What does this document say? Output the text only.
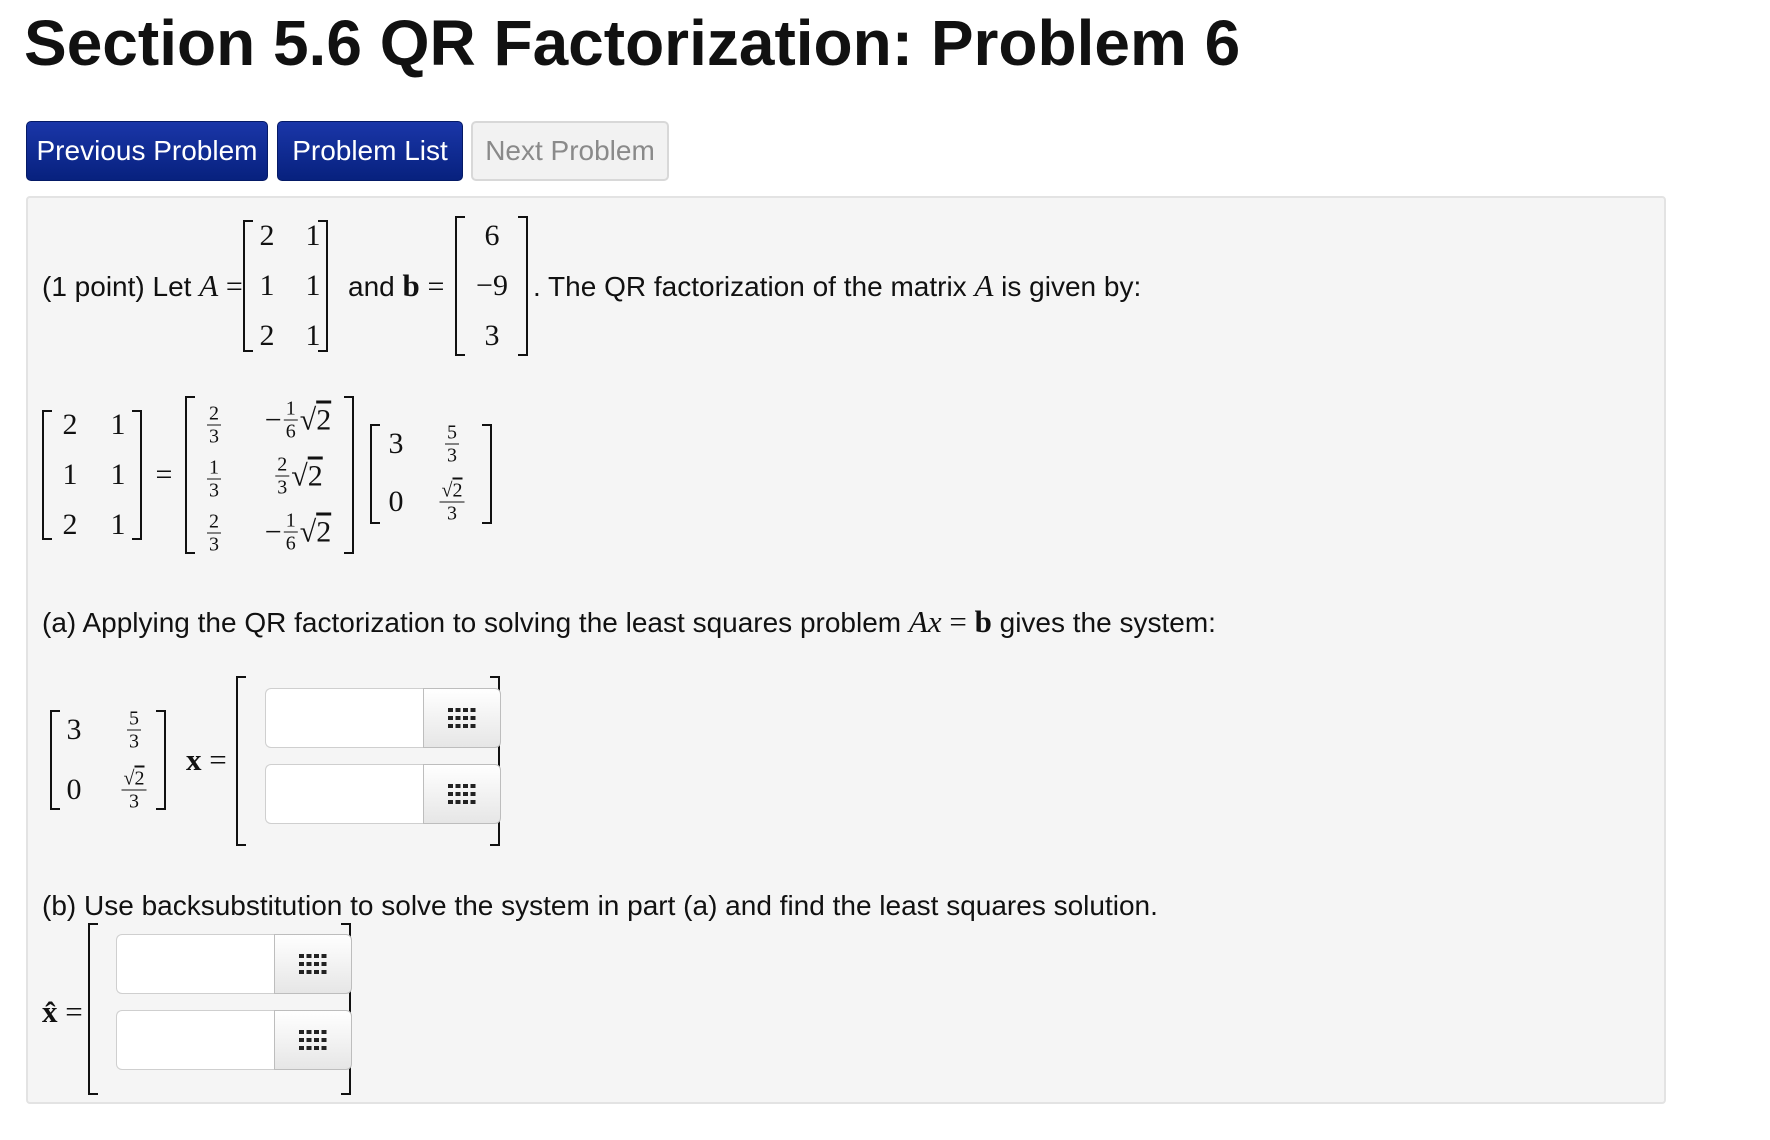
Section 5.6 QR Factorization: Problem 6
Previous Problem	Problem List	Next Problem
(1 point) Let A =
2 1
1 1
2 1
and b =
6
−9
3
. The QR factorization of the matrix A is given by:
2 1
1 1
2 1
=
$\frac{2}{3}$
$\frac{1}{3}$
$\frac{2}{3}$
− $\frac{1}{6} √2$
$\frac{2}{3} √2$
− $\frac{1}{6} √2$
$3 \frac{5}{3}$
$0 \frac{√2}{3}$
(a) Applying the QR factorization to solving the least squares problem Ax = b gives the system:
$3 \frac{5}{3}$
$0 \frac{√2}{3}$
x =
(b) Use backsubstitution to solve the system in part (a) and find the least squares solution.
x̂ =
